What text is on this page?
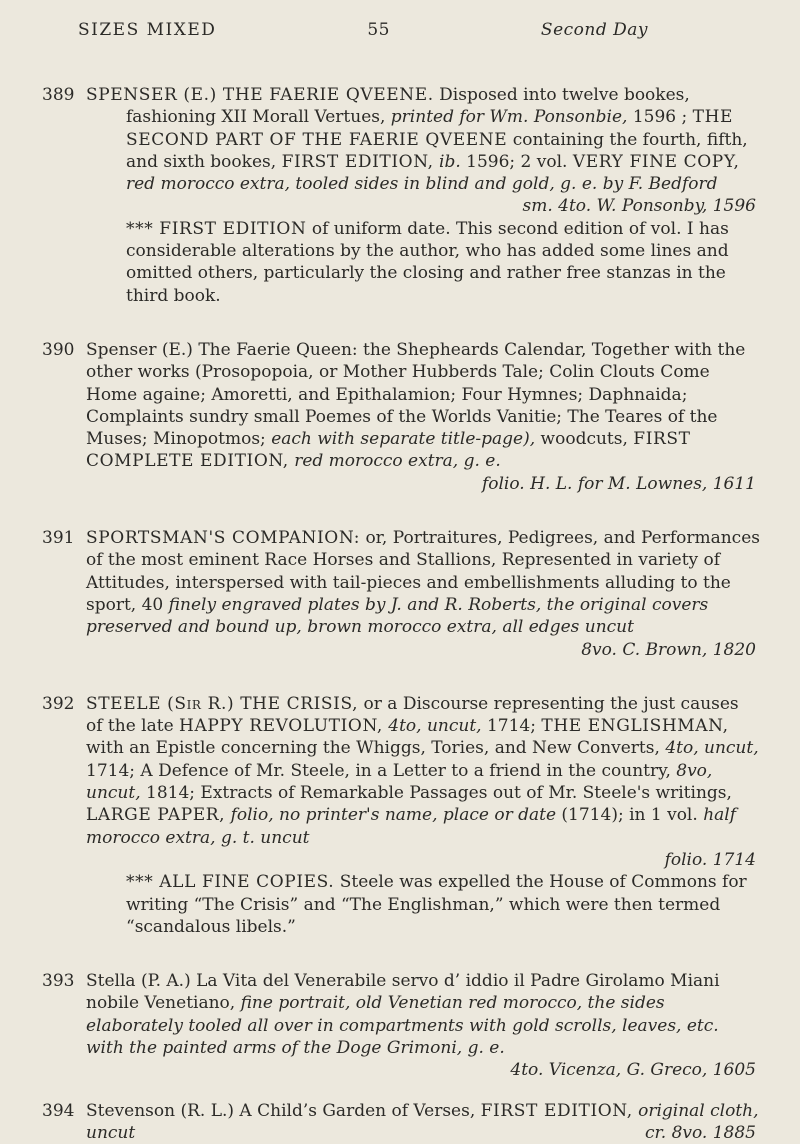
SIZES MIXED	55	Second Day
389 SPENSER (E.) THE FAERIE QVEENE. Disposed into twelve bookes,

fashioning XII Morall Vertues, printed for Wm. Ponsonbie, 1596 ; THE SECOND PART OF THE FAERIE QVEENE containing the fourth, fifth, and sixth bookes, FIRST EDITION, ib. 1596; 2 vol. VERY FINE COPY, red morocco extra, tooled sides in blind and gold, g. e. by F. Bedford

sm. 4to. W. Ponsonby, 1596

*** FIRST EDITION of uniform date. This second edition of vol. I has considerable alterations by the author, who has added some lines and omitted others, particularly the closing and rather free stanzas in the third book.

390 Spenser (E.) The Faerie Queen: the Shepheards Calendar, Together with the other works (Prosopopoia, or Mother Hubberds Tale; Colin Clouts Come Home againe; Amoretti, and Epithalamion; Four Hymnes; Daphnaida; Complaints sundry small Poemes of the Worlds Vanitie; The Teares of the Muses; Minopotmos; each with separate title-page), woodcuts, FIRST COMPLETE EDITION, red morocco extra, g. e.

folio. H. L. for M. Lownes, 1611

391 SPORTSMAN'S COMPANION: or, Portraitures, Pedigrees, and Performances of the most eminent Race Horses and Stallions, Represented in variety of Attitudes, interspersed with tail-pieces and embellishments alluding to the sport, 40 finely engraved plates by J. and R. Roberts, the original covers preserved and bound up, brown morocco extra, all edges uncut

8vo. C. Brown, 1820

392 STEELE (Sir R.) THE CRISIS, or a Discourse representing the just causes of the late HAPPY REVOLUTION, 4to, uncut, 1714; THE ENGLISHMAN, with an Epistle concerning the Whiggs, Tories, and New Converts, 4to, uncut, 1714; A Defence of Mr. Steele, in a Letter to a friend in the country, 8vo, uncut, 1814; Extracts of Remarkable Passages out of Mr. Steele's writings, LARGE PAPER, folio, no printer's name, place or date (1714); in 1 vol. half morocco extra, g. t. uncut

folio. 1714

*** ALL FINE COPIES. Steele was expelled the House of Commons for writing “The Crisis” and “The Englishman,” which were then termed “scandalous libels.”

393 Stella (P. A.) La Vita del Venerabile servo d’ iddio il Padre Girolamo Miani nobile Venetiano, fine portrait, old Venetian red morocco, the sides elaborately tooled all over in compartments with gold scrolls, leaves, etc. with the painted arms of the Doge Grimoni, g. e.

4to. Vicenza, G. Greco, 1605

394 Stevenson (R. L.) A Child’s Garden of Verses, FIRST EDITION, original cloth, uncut	cr. 8vo. 1885
